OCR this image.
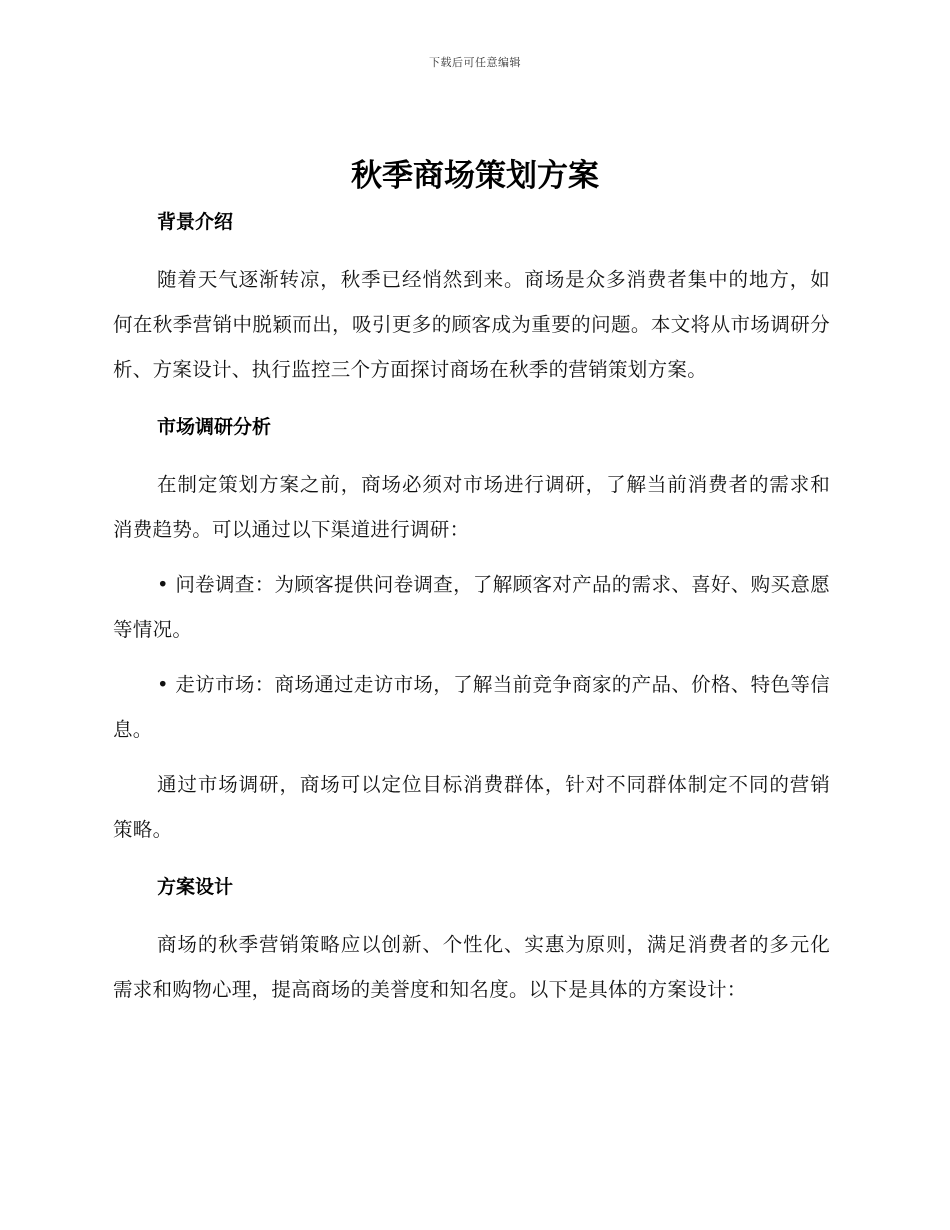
下载后可任意编辑
秋季商场策划方案
背景介绍

随着天气逐渐转凉，秋季已经悄然到来。商场是众多消费者集中的地方，如何在秋季营销中脱颖而出，吸引更多的顾客成为重要的问题。本文将从市场调研分析、方案设计、执行监控三个方面探讨商场在秋季的营销策划方案。

市场调研分析

在制定策划方案之前，商场必须对市场进行调研，了解当前消费者的需求和消费趋势。可以通过以下渠道进行调研：

• 问卷调查：为顾客提供问卷调查，了解顾客对产品的需求、喜好、购买意愿等情况。

• 走访市场：商场通过走访市场，了解当前竞争商家的产品、价格、特色等信息。

通过市场调研，商场可以定位目标消费群体，针对不同群体制定不同的营销策略。

方案设计

商场的秋季营销策略应以创新、个性化、实惠为原则，满足消费者的多元化需求和购物心理，提高商场的美誉度和知名度。以下是具体的方案设计：
